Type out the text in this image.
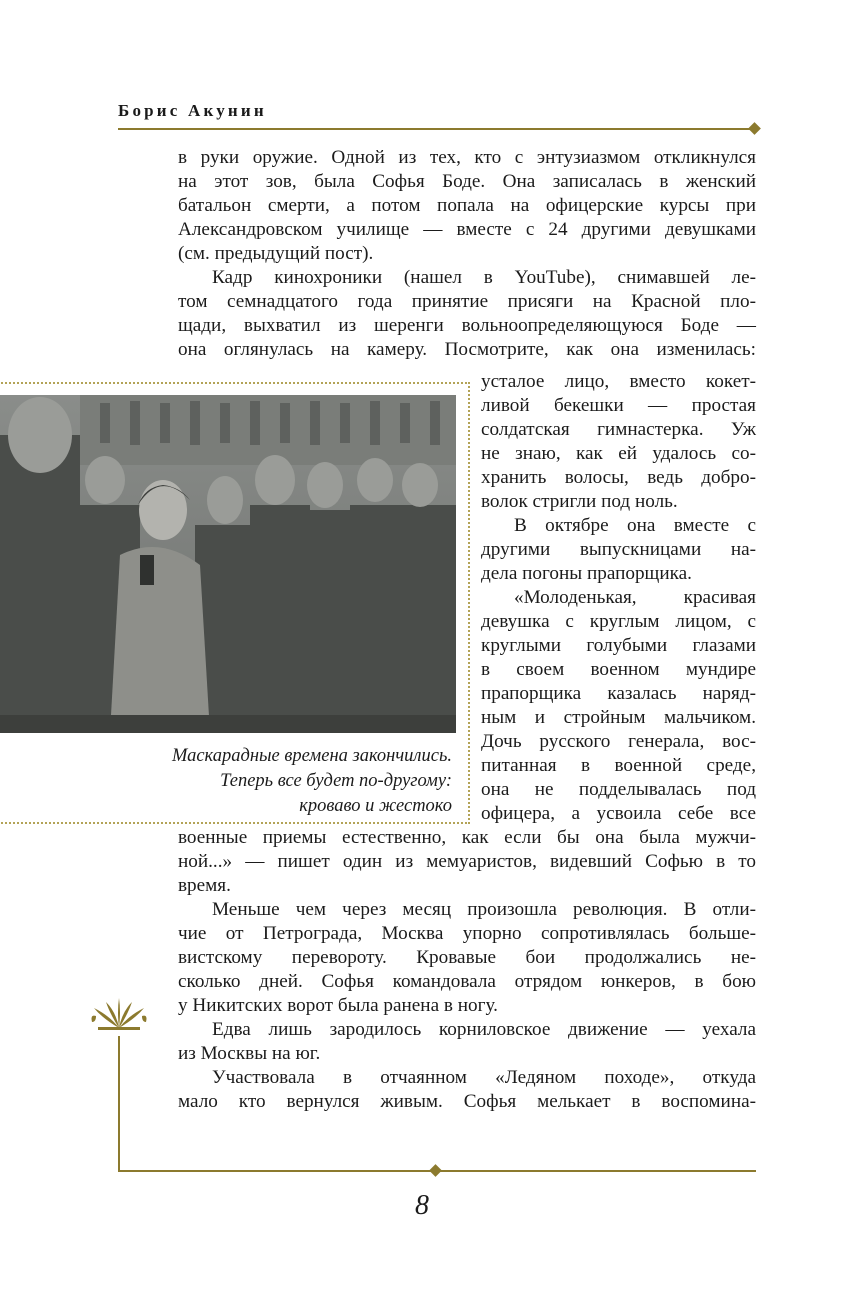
Борис Акунин
в руки оружие. Одной из тех, кто с энтузиазмом откликнулся
на этот зов, была Софья Боде. Она записалась в женский
батальон смерти, а потом попала на офицерские курсы при
Александровском училище — вместе с 24 другими девушками
(см. предыдущий пост).
Кадр кинохроники (нашел в YouTube), снимавшей ле-
том семнадцатого года принятие присяги на Красной пло-
щади, выхватил из шеренги вольноопределяющуюся Боде —
она оглянулась на камеру. Посмотрите, как она изменилась:
Маскарадные времена закончились.
Теперь все будет по-другому:
кроваво и жестоко
усталое лицо, вместо кокет-
ливой бекешки — простая
солдатская гимнастерка. Уж
не знаю, как ей удалось со-
хранить волосы, ведь добро-
волок стригли под ноль.
В октябре она вместе с
другими выпускницами на-
дела погоны прапорщика.
«Молоденькая, красивая
девушка с круглым лицом, с
круглыми голубыми глазами
в своем военном мундире
прапорщика казалась наряд-
ным и стройным мальчиком.
Дочь русского генерала, вос-
питанная в военной среде,
она не подделывалась под
офицера, а усвоила себе все
военные приемы естественно, как если бы она была мужчи-
ной...» — пишет один из мемуаристов, видевший Софью в то
время.
Меньше чем через месяц произошла революция. В отли-
чие от Петрограда, Москва упорно сопротивлялась больше-
вистскому перевороту. Кровавые бои продолжались не-
сколько дней. Софья командовала отрядом юнкеров, в бою
у Никитских ворот была ранена в ногу.
Едва лишь зародилось корниловское движение — уехала
из Москвы на юг.
Участвовала в отчаянном «Ледяном походе», откуда
мало кто вернулся живым. Софья мелькает в воспомина-
8
